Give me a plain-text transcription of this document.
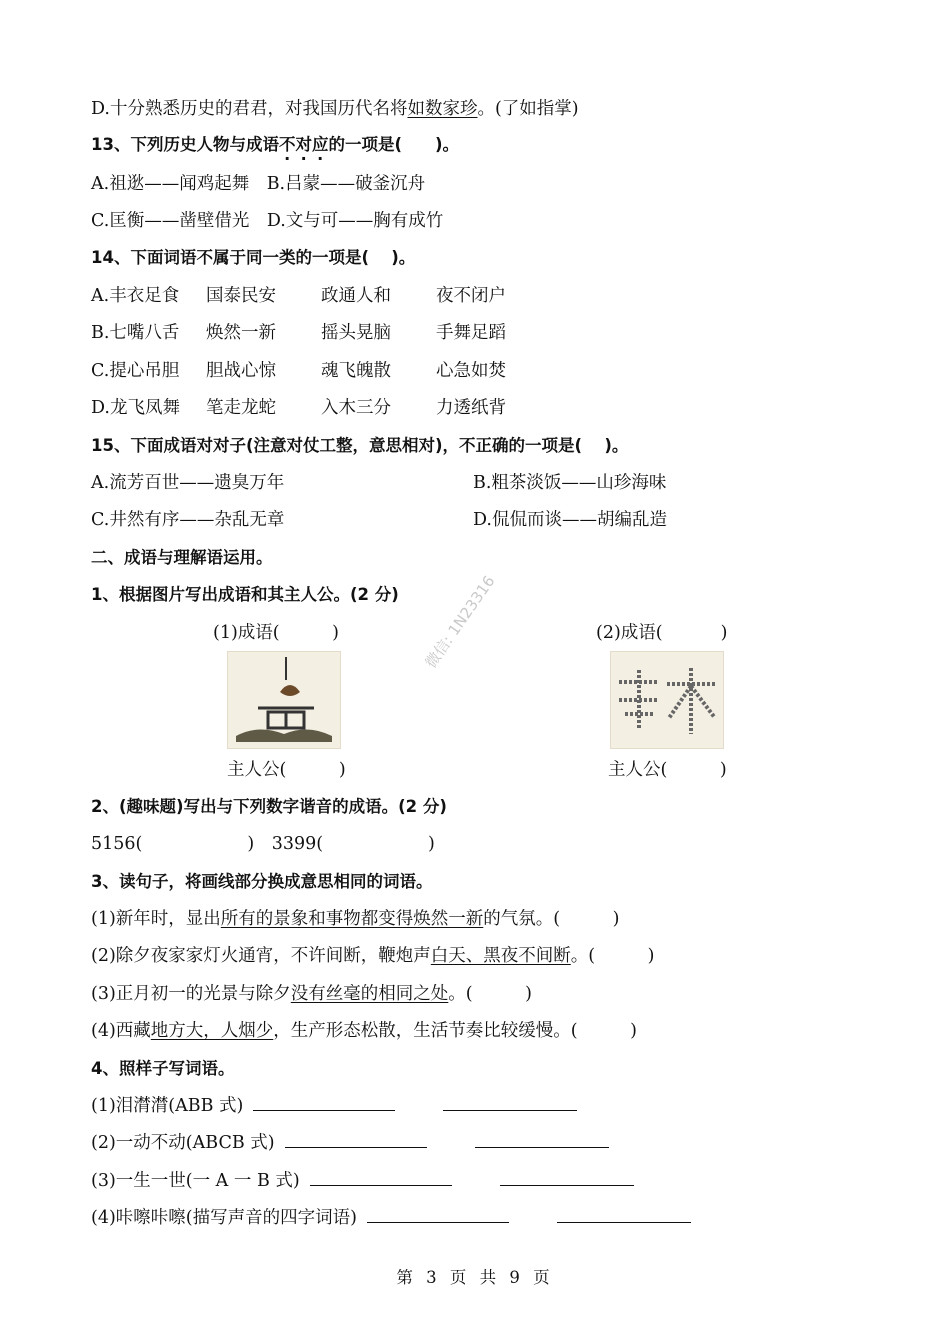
D.十分熟悉历史的君君，对我国历代名将如数家珍。(了如指掌)
13、下列历史人物与成语不对应的一项是(　　)。
A.祖逖——闻鸡起舞　B.吕蒙——破釜沉舟
C.匡衡——凿壁借光　D.文与可——胸有成竹
14、下面词语不属于同一类的一项是(　 )。
A.丰衣足食 国泰民安	政通人和	夜不闭户
B.七嘴八舌 焕然一新	摇头晃脑	手舞足蹈
C.提心吊胆 胆战心惊	魂飞魄散	心急如焚
D.龙飞凤舞 笔走龙蛇	入木三分	力透纸背
15、下面成语对对子(注意对仗工整，意思相对)，不正确的一项是(　 )。
A.流芳百世——遗臭万年	B.粗茶淡饭——山珍海味
C.井然有序——杂乱无章	D.侃侃而谈——胡编乱造
二、成语与理解语运用。
1、根据图片写出成语和其主人公。(2 分)
(1)成语(　　　)	(2)成语(　　　 )
微信: 1N23316
主人公(　　　)	主人公(　　　)
2、(趣味题)写出与下列数字谐音的成语。(2 分)
5156(　　　　　　)　3399(　　　　　　)
3、读句子，将画线部分换成意思相同的词语。
(1)新年时，显出所有的景象和事物都变得焕然一新的气氛。(　　　)
(2)除夕夜家家灯火通宵，不许间断，鞭炮声白天、黑夜不间断。(　　　)
(3)正月初一的光景与除夕没有丝毫的相同之处。(　　　)
(4)西藏地方大，人烟少，生产形态松散，生活节奏比较缓慢。(　　　)
4、照样子写词语。
(1)泪潸潸(ABB 式)
(2)一动不动(ABCB 式)
(3)一生一世(一 A 一 B 式)
(4)咔嚓咔嚓(描写声音的四字词语)
第 3 页 共 9 页
